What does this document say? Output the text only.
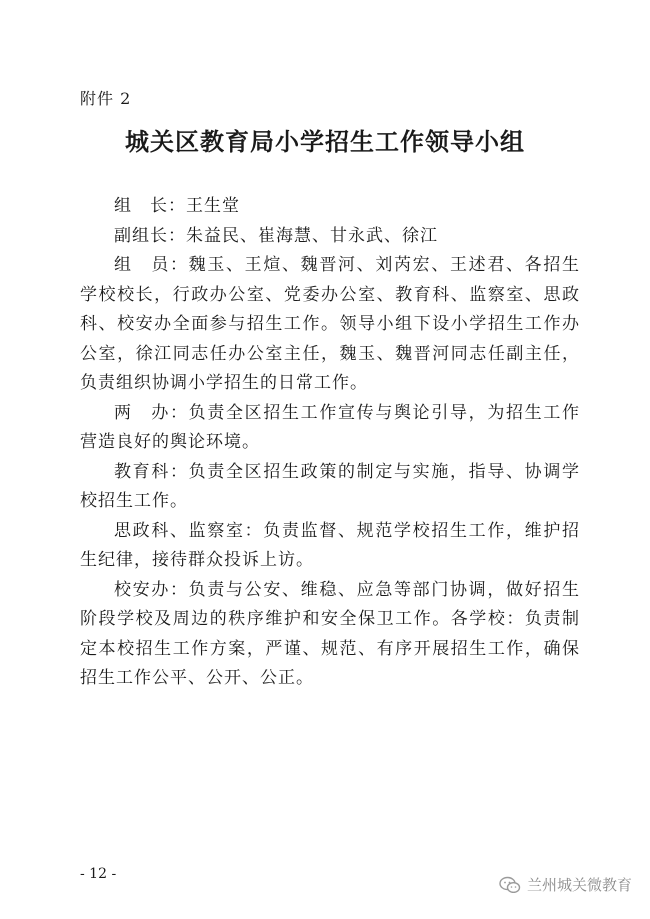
附件 2
城关区教育局小学招生工作领导小组

组　长：王生堂

副组长：朱益民、崔海慧、甘永武、徐江

组　员：魏玉、王煊、魏晋河、刘芮宏、王述君、各招生学校校长，行政办公室、党委办公室、教育科、监察室、思政科、校安办全面参与招生工作。领导小组下设小学招生工作办公室，徐江同志任办公室主任，魏玉、魏晋河同志任副主任，负责组织协调小学招生的日常工作。

两　办：负责全区招生工作宣传与舆论引导，为招生工作营造良好的舆论环境。

教育科：负责全区招生政策的制定与实施，指导、协调学校招生工作。

思政科、监察室：负责监督、规范学校招生工作，维护招生纪律，接待群众投诉上访。

校安办：负责与公安、维稳、应急等部门协调，做好招生阶段学校及周边的秩序维护和安全保卫工作。各学校：负责制定本校招生工作方案，严谨、规范、有序开展招生工作，确保招生工作公平、公开、公正。

- 12 -
兰州城关微教育
